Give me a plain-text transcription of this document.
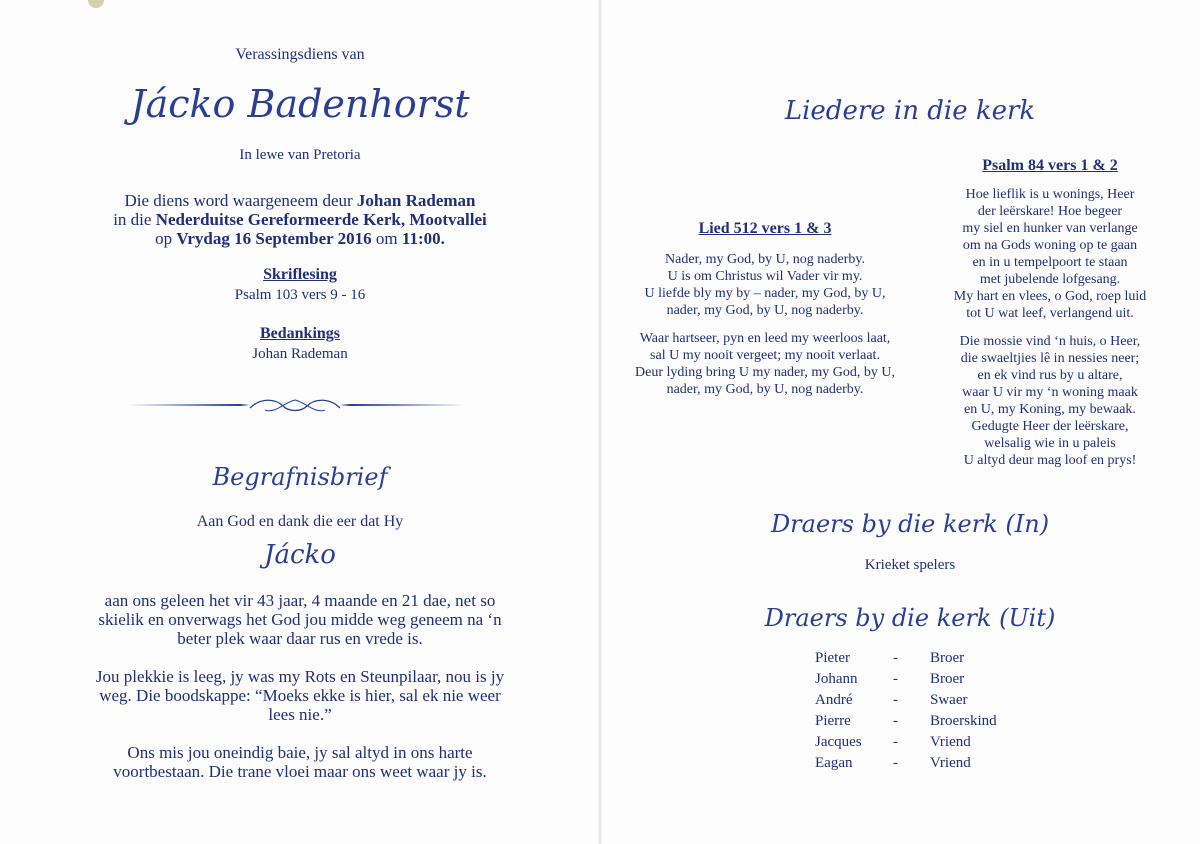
Verassingsdiens van

Jácko Badenhorst

In lewe van Pretoria

Die diens word waargeneem deur Johan Rademan

in die Nederduitse Gereformeerde Kerk, Mootvallei

op Vrydag 16 September 2016 om 11:00.

Skriflesing

Psalm 103 vers 9 - 16

Bedankings

Johan Rademan

Begrafnisbrief

Aan God en dank die eer dat Hy

Jácko

aan ons geleen het vir 43 jaar, 4 maande en 21 dae, net so

skielik en onverwags het God jou midde weg geneem na ‘n

beter plek waar daar rus en vrede is.

Jou plekkie is leeg, jy was my Rots en Steunpilaar, nou is jy

weg. Die boodskappe: “Moeks ekke is hier, sal ek nie weer

lees nie.”

Ons mis jou oneindig baie, jy sal altyd in ons harte

voortbestaan. Die trane vloei maar ons weet waar jy is.

Liedere in die kerk

Lied 512 vers 1 & 3

Nader, my God, by U, nog naderby.

U is om Christus wil Vader vir my.

U liefde bly my by – nader, my God, by U,

nader, my God, by U, nog naderby.

Waar hartseer, pyn en leed my weerloos laat,

sal U my nooit vergeet; my nooit verlaat.

Deur lyding bring U my nader, my God, by U,

nader, my God, by U, nog naderby.

Psalm 84 vers 1 & 2

Hoe lieflik is u wonings, Heer

der leërskare! Hoe begeer

my siel en hunker van verlange

om na Gods woning op te gaan

en in u tempelpoort te staan

met jubelende lofgesang.

My hart en vlees, o God, roep luid

tot U wat leef, verlangend uit.

Die mossie vind ‘n huis, o Heer,

die swaeltjies lê in nessies neer;

en ek vind rus by u altare,

waar U vir my ‘n woning maak

en U, my Koning, my bewaak.

Gedugte Heer der leërskare,

welsalig wie in u paleis

U altyd deur mag loof en prys!

Draers by die kerk (In)

Krieket spelers

Draers by die kerk (Uit)

Pieter	- Broer
Johann - Broer
André	- Swaer
Pierre	- Broerskind
Jacques - Vriend
Eagan	- Vriend
